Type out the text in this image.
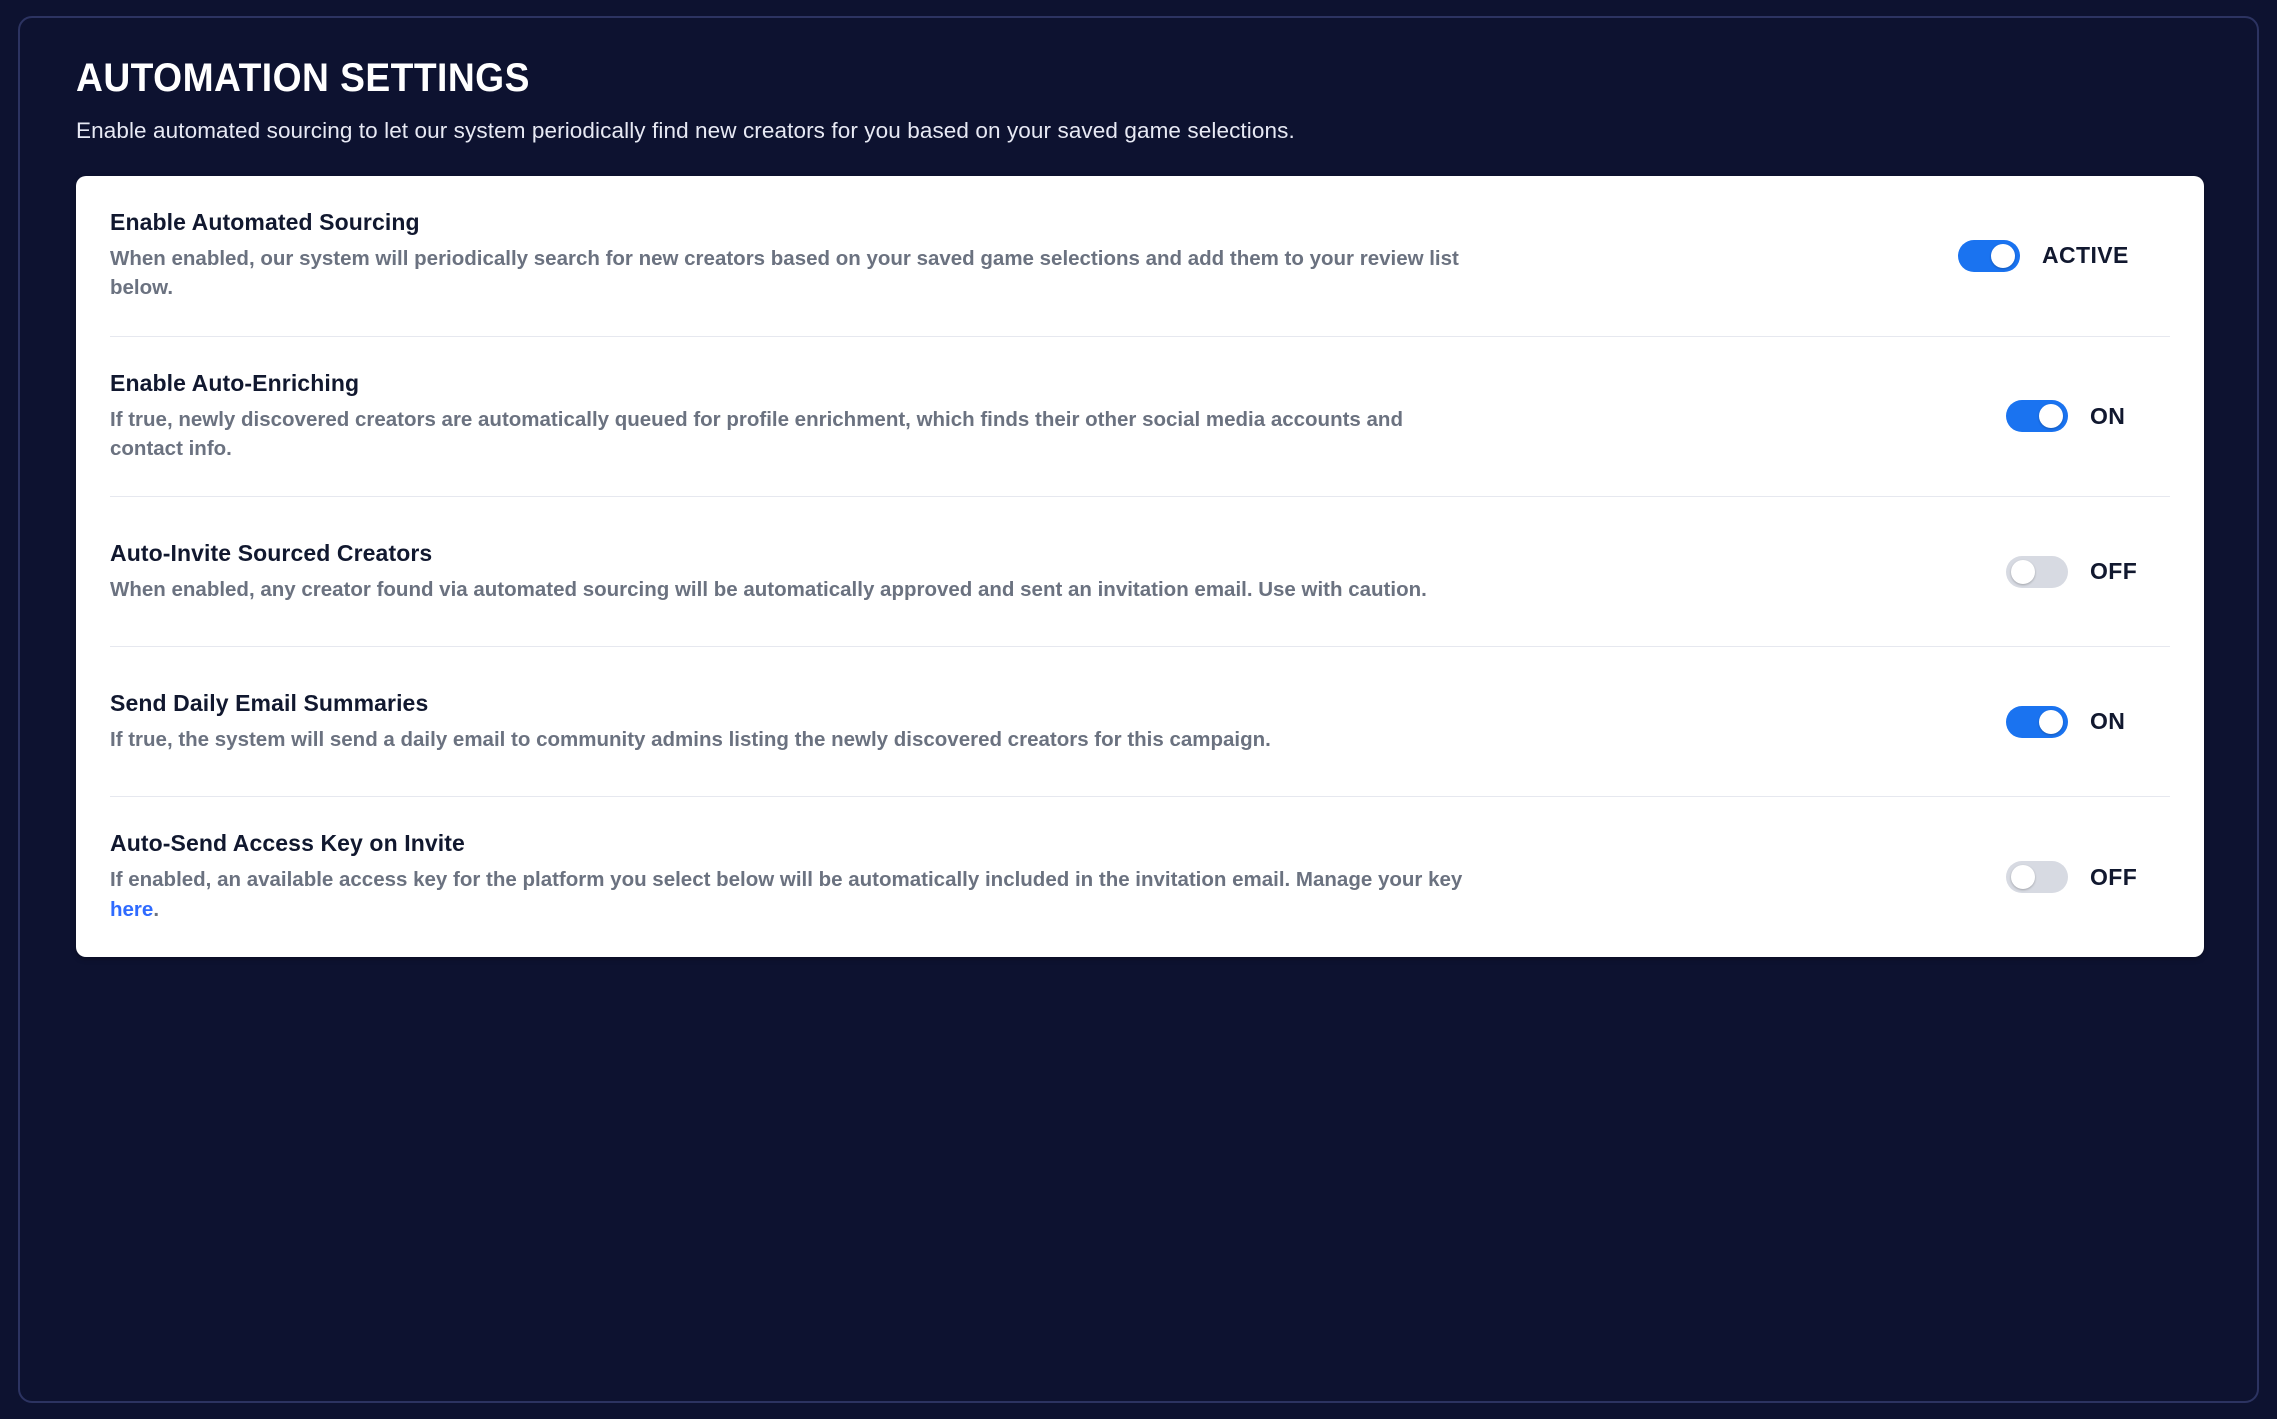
AUTOMATION SETTINGS
Enable automated sourcing to let our system periodically find new creators for you based on your saved game selections.
Enable Automated Sourcing
When enabled, our system will periodically search for new creators based on your saved game selections and add them to your review list below.
ACTIVE
Enable Auto-Enriching
If true, newly discovered creators are automatically queued for profile enrichment, which finds their other social media accounts and contact info.
ON
Auto-Invite Sourced Creators
When enabled, any creator found via automated sourcing will be automatically approved and sent an invitation email. Use with caution.
OFF
Send Daily Email Summaries
If true, the system will send a daily email to community admins listing the newly discovered creators for this campaign.
ON
Auto-Send Access Key on Invite
If enabled, an available access key for the platform you select below will be automatically included in the invitation email. Manage your key here.
OFF
